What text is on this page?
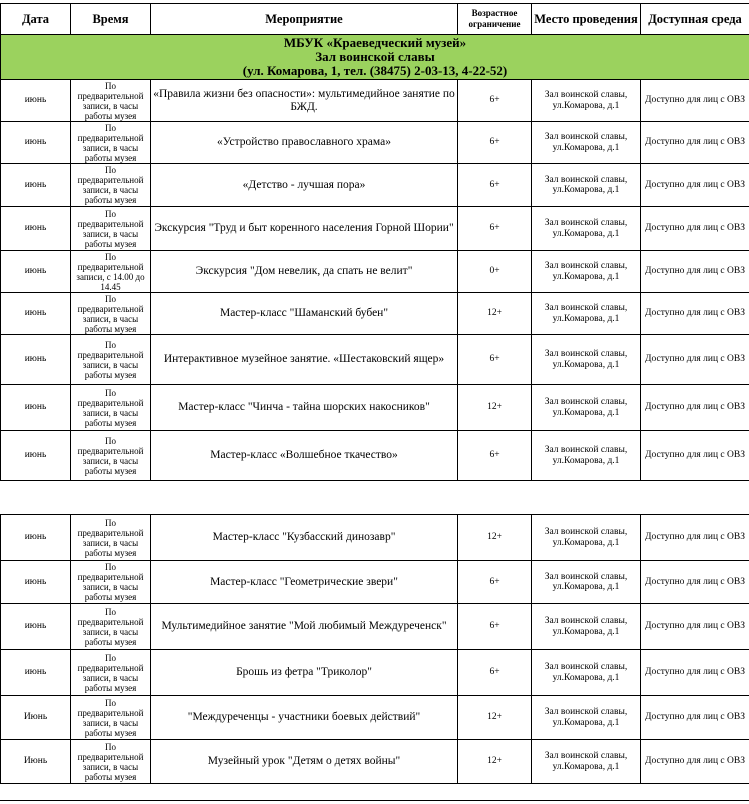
Дата	Время	Мероприятие	Возрастное ограничение	Место проведения	Доступная среда

МБУК «Краеведческий музей»
Зал воинской славы
(ул. Комарова, 1, тел. (38475) 2-03-13, 4-22-52)					

июнь	По предварительной записи, в часы работы музея	«Правила жизни без опасности»: мультимедийное занятие по БЖД.	6+	Зал воинской славы, ул.Комарова, д.1	Доступно для лиц с ОВЗ
июнь	По предварительной записи, в часы работы музея	«Устройство православного храма»	6+	Зал воинской славы, ул.Комарова, д.1	Доступно для лиц с ОВЗ
июнь	По предварительной записи, в часы работы музея	«Детство - лучшая пора»	6+	Зал воинской славы, ул.Комарова, д.1	Доступно для лиц с ОВЗ
июнь	По предварительной записи, в часы работы музея	Экскурсия "Труд и быт коренного населения Горной Шории"	6+	Зал воинской славы, ул.Комарова, д.1	Доступно для лиц с ОВЗ
июнь	По предварительной записи, с 14.00 до 14.45	Экскурсия "Дом невелик, да спать не велит"	0+	Зал воинской славы, ул.Комарова, д.1	Доступно для лиц с ОВЗ
июнь	По предварительной записи, в часы работы музея	Мастер-класс "Шаманский бубен"	12+	Зал воинской славы, ул.Комарова, д.1	Доступно для лиц с ОВЗ
июнь	По предварительной записи, в часы работы музея	Интерактивное музейное занятие. «Шестаковский ящер»	6+	Зал воинской славы, ул.Комарова, д.1	Доступно для лиц с ОВЗ
июнь	По предварительной записи, в часы работы музея	Мастер-класс "Чинча - тайна шорских накосников"	12+	Зал воинской славы, ул.Комарова, д.1	Доступно для лиц с ОВЗ
июнь	По предварительной записи, в часы работы музея	Мастер-класс «Волшебное ткачество»	6+	Зал воинской славы, ул.Комарова, д.1	Доступно для лиц с ОВЗ
июнь	По предварительной записи, в часы работы музея	Мастер-класс "Кузбасский динозавр"	12+	Зал воинской славы, ул.Комарова, д.1	Доступно для лиц с ОВЗ
июнь	По предварительной записи, в часы работы музея	Мастер-класс "Геометрические звери"	6+	Зал воинской славы, ул.Комарова, д.1	Доступно для лиц с ОВЗ
июнь	По предварительной записи, в часы работы музея	Мультимедийное занятие "Мой любимый Междуреченск"	6+	Зал воинской славы, ул.Комарова, д.1	Доступно для лиц с ОВЗ
июнь	По предварительной записи, в часы работы музея	Брошь из фетра "Триколор"	6+	Зал воинской славы, ул.Комарова, д.1	Доступно для лиц с ОВЗ
Июнь	По предварительной записи, в часы работы музея	"Междуреченцы - участники боевых действий"	12+	Зал воинской славы, ул.Комарова, д.1	Доступно для лиц с ОВЗ
Июнь	По предварительной записи, в часы работы музея	Музейный урок "Детям о детях войны"	12+	Зал воинской славы, ул.Комарова, д.1	Доступно для лиц с ОВЗ
